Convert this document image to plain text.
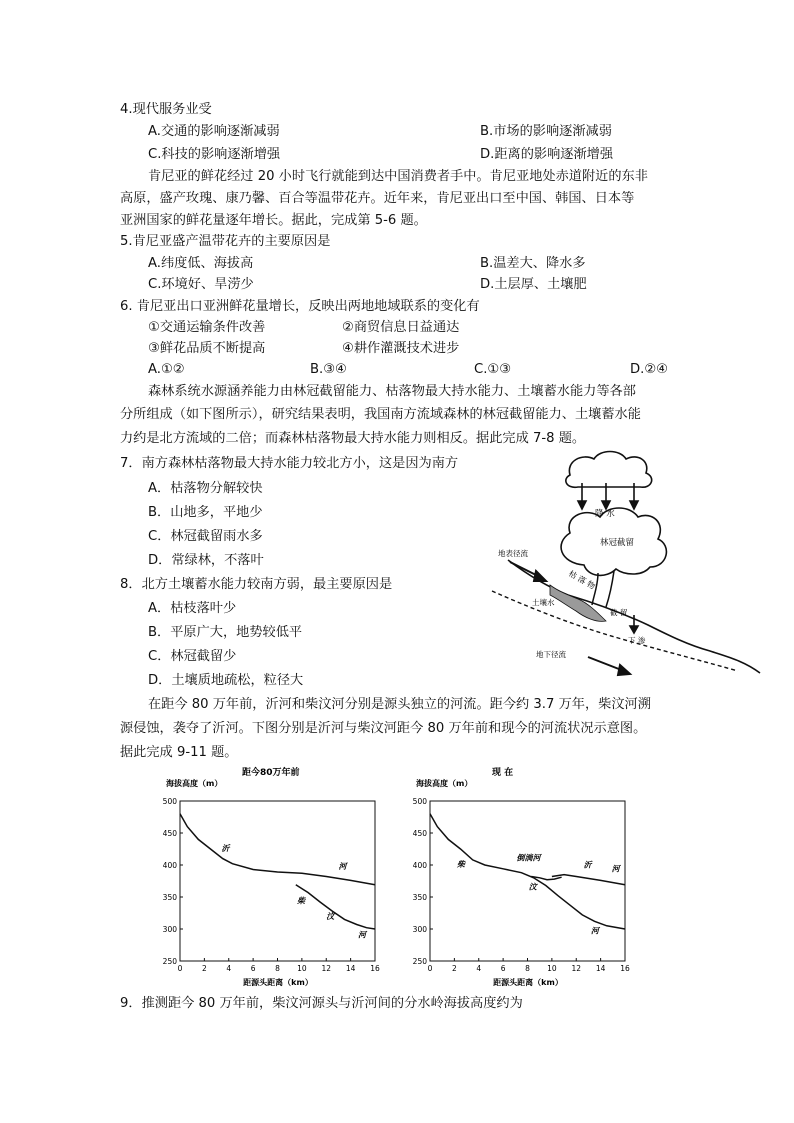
4.现代服务业受
A.交通的影响逐渐减弱	B.市场的影响逐渐减弱
C.科技的影响逐渐增强	D.距离的影响逐渐增强
肯尼亚的鲜花经过 20 小时飞行就能到达中国消费者手中。肯尼亚地处赤道附近的东非
高原，盛产玫瑰、康乃馨、百合等温带花卉。近年来，肯尼亚出口至中国、韩国、日本等
亚洲国家的鲜花量逐年增长。据此，完成第 5-6 题。
5.肯尼亚盛产温带花卉的主要原因是
A.纬度低、海拔高	B.温差大、降水多
C.环境好、旱涝少	D.土层厚、土壤肥
6. 肯尼亚出口亚洲鲜花量增长，反映出两地地域联系的变化有
①交通运输条件改善	②商贸信息日益通达
③鲜花品质不断提高	④耕作灌溉技术进步
A.①②	B.③④	C.①③	D.②④
森林系统水源涵养能力由林冠截留能力、枯落物最大持水能力、土壤蓄水能力等各部
分所组成（如下图所示），研究结果表明，我国南方流域森林的林冠截留能力、土壤蓄水能
力约是北方流域的二倍；而森林枯落物最大持水能力则相反。据此完成 7-8 题。
7．南方森林枯落物最大持水能力较北方小，这是因为南方
A．枯落物分解较快
B．山地多，平地少
C．林冠截留雨水多
D．常绿林，不落叶
8．北方土壤蓄水能力较南方弱，最主要原因是
A．枯枝落叶少
B．平原广大，地势较低平
C．林冠截留少
D．土壤质地疏松，粒径大
在距今 80 万年前，沂河和柴汶河分别是源头独立的河流。距今约 3.7 万年，柴汶河溯
源侵蚀，袭夺了沂河。下图分别是沂河与柴汶河距今 80 万年前和现今的河流状况示意图。
据此完成 9-11 题。
降 水
林冠截留
地表径流
枯 落 物
土壤水
截 留
下 渗
地下径流
距今80万年前
海拔高度（m）
250
300
350
400
450
500
0	2	4	6	8 10 12 14 16
距源头距离（km）
沂
河
柴
汶
河
现 在
海拔高度（m）
250
300
350
400
450
500
0	2	4	6	8 10 12 14 16
距源头距离（km）
倒淌河
柴	沂	河
汶
河
9．推测距今 80 万年前，柴汶河源头与沂河间的分水岭海拔高度约为
